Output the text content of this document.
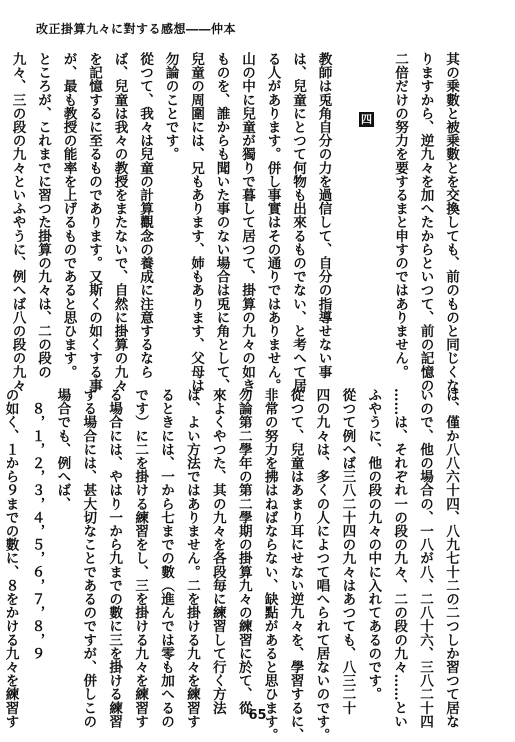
改正掛算九々に對する感想――仲本
其の乗數と被乗數とを交換しても、前のものと同じくな
りますから、逆九々を加へたからといつて、前の記憶の
二倍だけの努力を要するまと申すのではありません。
教師は兎角自分の力を過信して、自分の指導せない事
は、兒童にとつて何物も出來るものでない、と考へて居
る人があります。併し事實はその通りではありません。
山の中に兒童が獨りで暮して居つて、掛算の九々の如き
ものを、誰からも聞いた事のない場合は兎に角として、
兒童の周圍には、兄もあります、姉もあります、父母は
勿論のことです。
從つて、我々は兒童の計算觀念の養成に注意するなら
ば、兒童は我々の教授をまたないで、自然に掛算の九々
を記憶するに至るものであります。又斯くの如くする事
が、最も教授の能率を上げるものであると思ひます。
ところが、これまでに習つた掛算の九々は、二の段の
九々、三の段の九々といふやうに、例へば八の段の九々	四
は、僅か八八六十四、八九七十二の二つしか習つて居な
いので、他の場合の、一八が八、二八十六、三八二十四
……は、それぞれ一の段の九々、二の段の九々……とい
ふやうに、他の段の九々の中に入れてあるのです。
從つて例へば三八二十四の九々はあつても、八三二十
四の九々は、多くの人によつて唱へられて居ないのです。
從つて、兒童はあまり耳にせない逆九々を、學習するに、
非常の努力を拂はねばならない、缺點があると思ひます。
勿論第二學年の第二學期の掛算九々の練習に於て、從
來よくやつた、其の九々を各段毎に練習して行く方法
は、よい方法ではありません。二を掛ける九々を練習す
るときには、一から七までの數（進んでは零も加へるの
です）に二を掛ける練習をし、三を掛ける九々を練習す
る場合には、やはり一から九までの數に三を掛ける練習
する場合には、甚大切なことであるのですが、併しこの
場合でも、例へば、
　８，１，２，３，４，５，６，７，８，９
の如く、１から９までの數に、８をかける九々を練習す	65
